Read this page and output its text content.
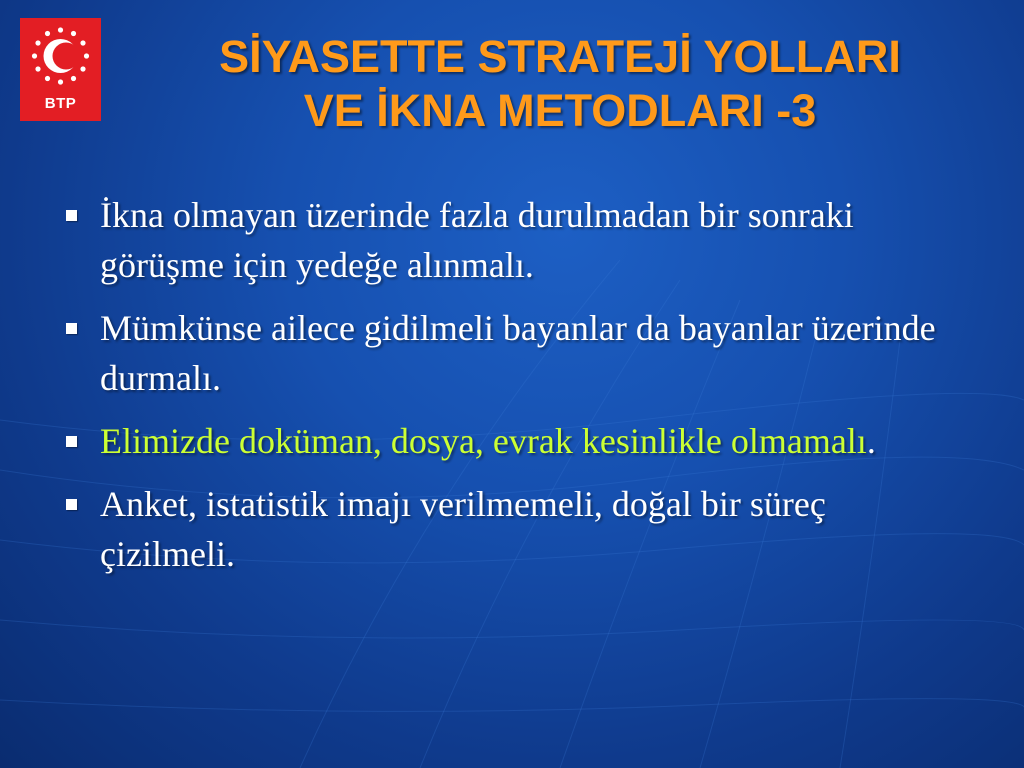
BTP
SİYASETTE STRATEJİ YOLLARI
VE İKNA METODLARI -3
İkna olmayan üzerinde fazla durulmadan bir sonraki görüşme için yedeğe alınmalı.
Mümkünse ailece gidilmeli bayanlar da bayanlar üzerinde durmalı.
Elimizde doküman, dosya, evrak kesinlikle olmamalı.
Anket, istatistik imajı verilmemeli, doğal bir süreç çizilmeli.
